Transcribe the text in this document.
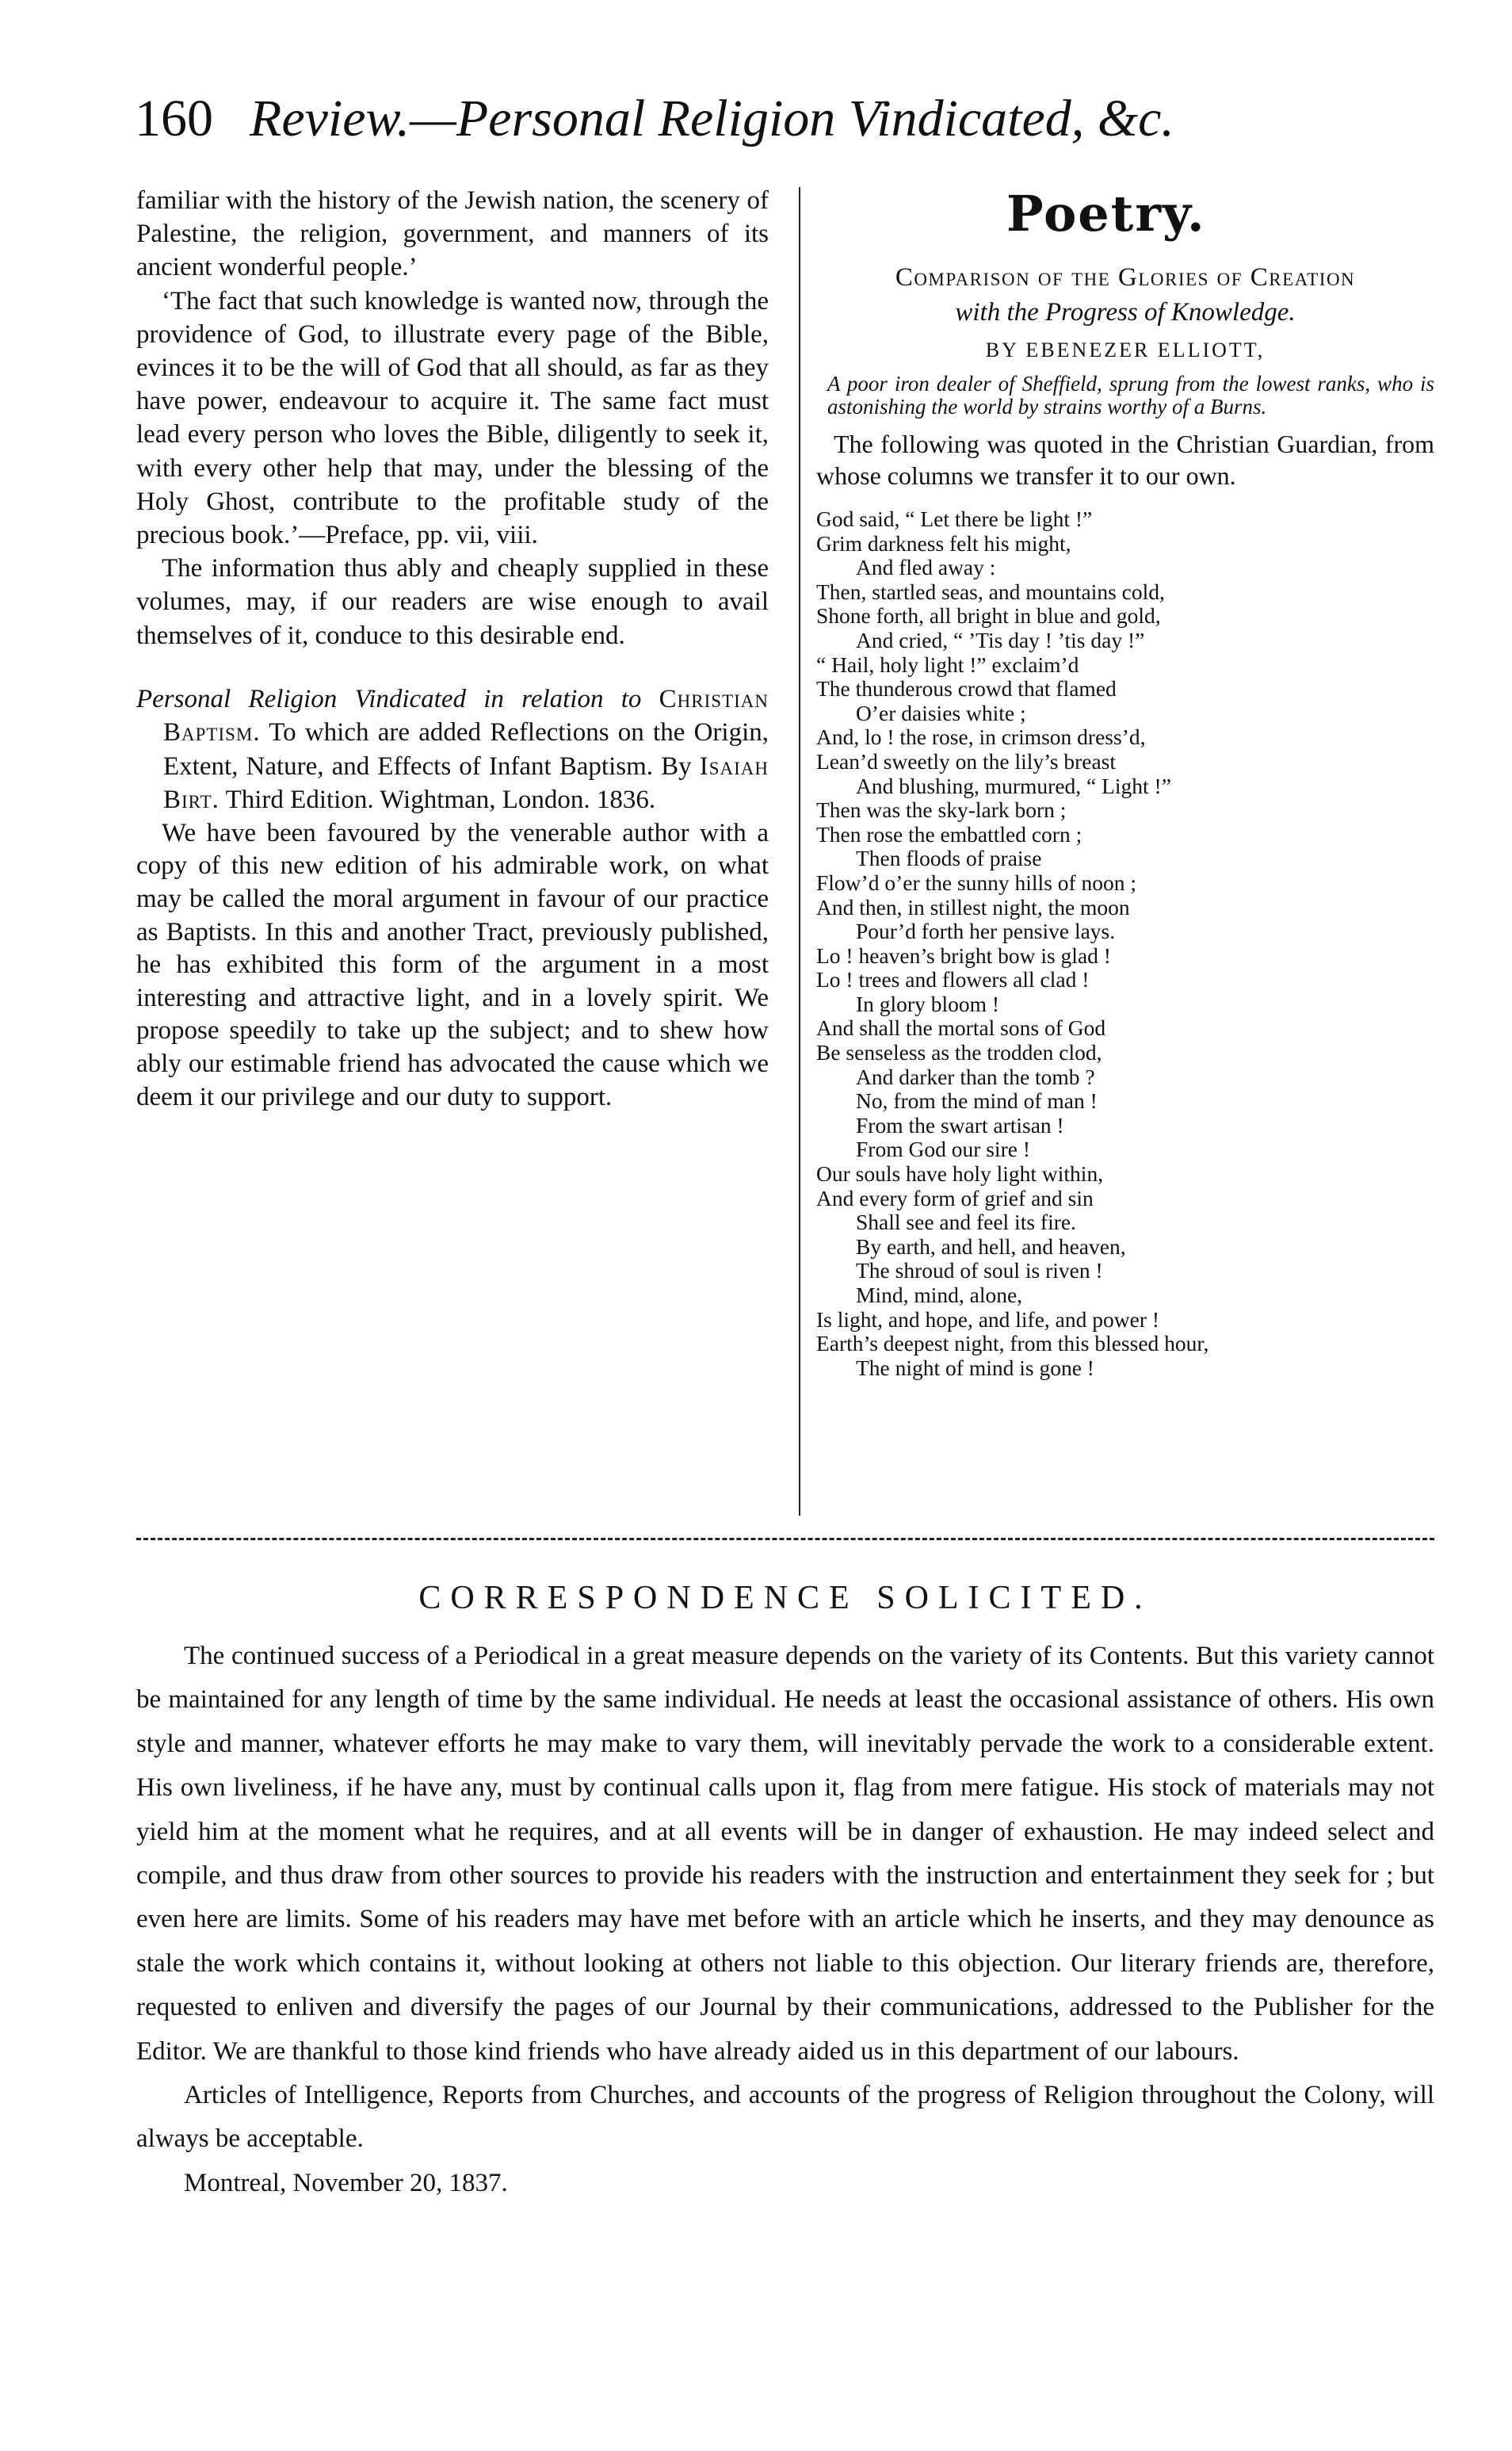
160 Review.—Personal Religion Vindicated, &c.

familiar with the history of the Jewish nation, the scenery of Palestine, the religion, government, and manners of its ancient wonderful people.’

‘The fact that such knowledge is wanted now, through the providence of God, to illustrate every page of the Bible, evinces it to be the will of God that all should, as far as they have power, endeavour to acquire it. The same fact must lead every person who loves the Bible, diligently to seek it, with every other help that may, under the blessing of the Holy Ghost, contribute to the profitable study of the precious book.’—Preface, pp. vii, viii.

The information thus ably and cheaply supplied in these volumes, may, if our readers are wise enough to avail themselves of it, conduce to this desirable end.

Personal Religion Vindicated in relation to Christian Baptism. To which are added Reflections on the Origin, Extent, Nature, and Effects of Infant Baptism. By Isaiah Birt. Third Edition. Wightman, London. 1836.

We have been favoured by the venerable author with a copy of this new edition of his admirable work, on what may be called the moral argument in favour of our practice as Baptists. In this and another Tract, previously published, he has exhibited this form of the argument in a most interesting and attractive light, and in a lovely spirit. We propose speedily to take up the subject; and to shew how ably our estimable friend has advocated the cause which we deem it our privilege and our duty to support.

Poetry.

Comparison of the Glories of Creation
with the Progress of Knowledge.
BY EBENEZER ELLIOTT,
A poor iron dealer of Sheffield, sprung from the lowest ranks, who is astonishing the world by strains worthy of a Burns.
The following was quoted in the Christian Guardian, from whose columns we transfer it to our own.
God said, “ Let there be light !”
Grim darkness felt his might,
And fled away :
Then, startled seas, and mountains cold,
Shone forth, all bright in blue and gold,
And cried, “ ’Tis day ! ’tis day !”
“ Hail, holy light !” exclaim’d
The thunderous crowd that flamed
O’er daisies white ;
And, lo ! the rose, in crimson dress’d,
Lean’d sweetly on the lily’s breast
And blushing, murmured, “ Light !”
Then was the sky-lark born ;
Then rose the embattled corn ;
Then floods of praise
Flow’d o’er the sunny hills of noon ;
And then, in stillest night, the moon
Pour’d forth her pensive lays.
Lo ! heaven’s bright bow is glad !
Lo ! trees and flowers all clad !
In glory bloom !
And shall the mortal sons of God
Be senseless as the trodden clod,
And darker than the tomb ?
No, from the mind of man !
From the swart artisan !
From God our sire !
Our souls have holy light within,
And every form of grief and sin
Shall see and feel its fire.
By earth, and hell, and heaven,
The shroud of soul is riven !
Mind, mind, alone,
Is light, and hope, and life, and power !
Earth’s deepest night, from this blessed hour,
The night of mind is gone !
CORRESPONDENCE SOLICITED.

The continued success of a Periodical in a great measure depends on the variety of its Contents. But this variety cannot be maintained for any length of time by the same individual. He needs at least the occasional assistance of others. His own style and manner, whatever efforts he may make to vary them, will inevitably pervade the work to a considerable extent. His own liveliness, if he have any, must by continual calls upon it, flag from mere fatigue. His stock of materials may not yield him at the moment what he requires, and at all events will be in danger of exhaustion. He may indeed select and compile, and thus draw from other sources to provide his readers with the instruction and entertainment they seek for ; but even here are limits. Some of his readers may have met before with an article which he inserts, and they may denounce as stale the work which contains it, without looking at others not liable to this objection. Our literary friends are, therefore, requested to enliven and diversify the pages of our Journal by their communications, addressed to the Publisher for the Editor. We are thankful to those kind friends who have already aided us in this department of our labours.

Articles of Intelligence, Reports from Churches, and accounts of the progress of Religion throughout the Colony, will always be acceptable.

Montreal, November 20, 1837.
